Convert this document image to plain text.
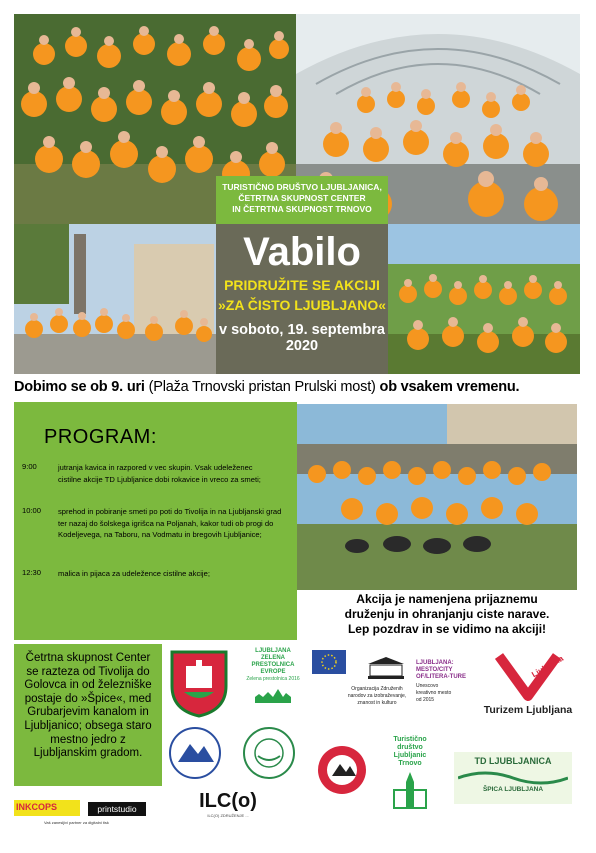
TURISTIČNO DRUŠTVO LJUBLJANICA,
ČETRTNA SKUPNOST CENTER
IN ČETRTNA SKUPNOST TRNOVO
Vabilo
PRIDRUŽITE SE AKCIJI
»ZA ČISTO LJUBLJANO«
v soboto, 19. septembra 2020
Dobimo se ob 9. uri (Plaža Trnovski pristan Prulski most) ob vsakem vremenu.
PROGRAM:
9:00	jutranja kavica in razpored v vec skupin. Vsak udeleženec
cistilne akcije TD Ljubljanice dobi rokavice in vreco za smeti;
10:00 sprehod in pobiranje smeti po poti do Tivolija in na Ljubljanski grad
ter nazaj do šolskega igrišca na Poljanah, kakor tudi ob progi do
Kodeljevega, na Taboru, na Vodmatu in bregovih Ljubljanice;
12:30 malica in pijaca za udeležence cistilne akcije;
Akcija je namenjena prijaznemu
druženju in ohranjanju ciste narave.
Lep pozdrav in se vidimo na akciji!
Četrtna skupnost Center se razteza od Tivolija do Golovca in od železniške postaje do »Špice«, med Grubarjevim kanalom in Ljubljanico; obsega staro mestno jedro z Ljubljanskim gradom.
LJUBLJANA
ZELENA
PRESTOLNICA EVROPE
Zelena prestolnica 2016
Organizacija Združenih
narodov za izobraževanje,
znanost in kulturo
LJUBLJANA: MESTO/CITY OF/LITERA-TURE
Unescovo
kreativno mesto
od 2015
Ljubljana
Turizem Ljubljana
Turistično
društvo
Ljubljanic
Trnovo	TD LJUBLJANICA
ŠPICA LJUBLJANA
ILC(o)
ILC(O) ZDRUŽENJE ...
INKCOPS	printstudio
Vaš zanesljivi partner za digitalni tisk
